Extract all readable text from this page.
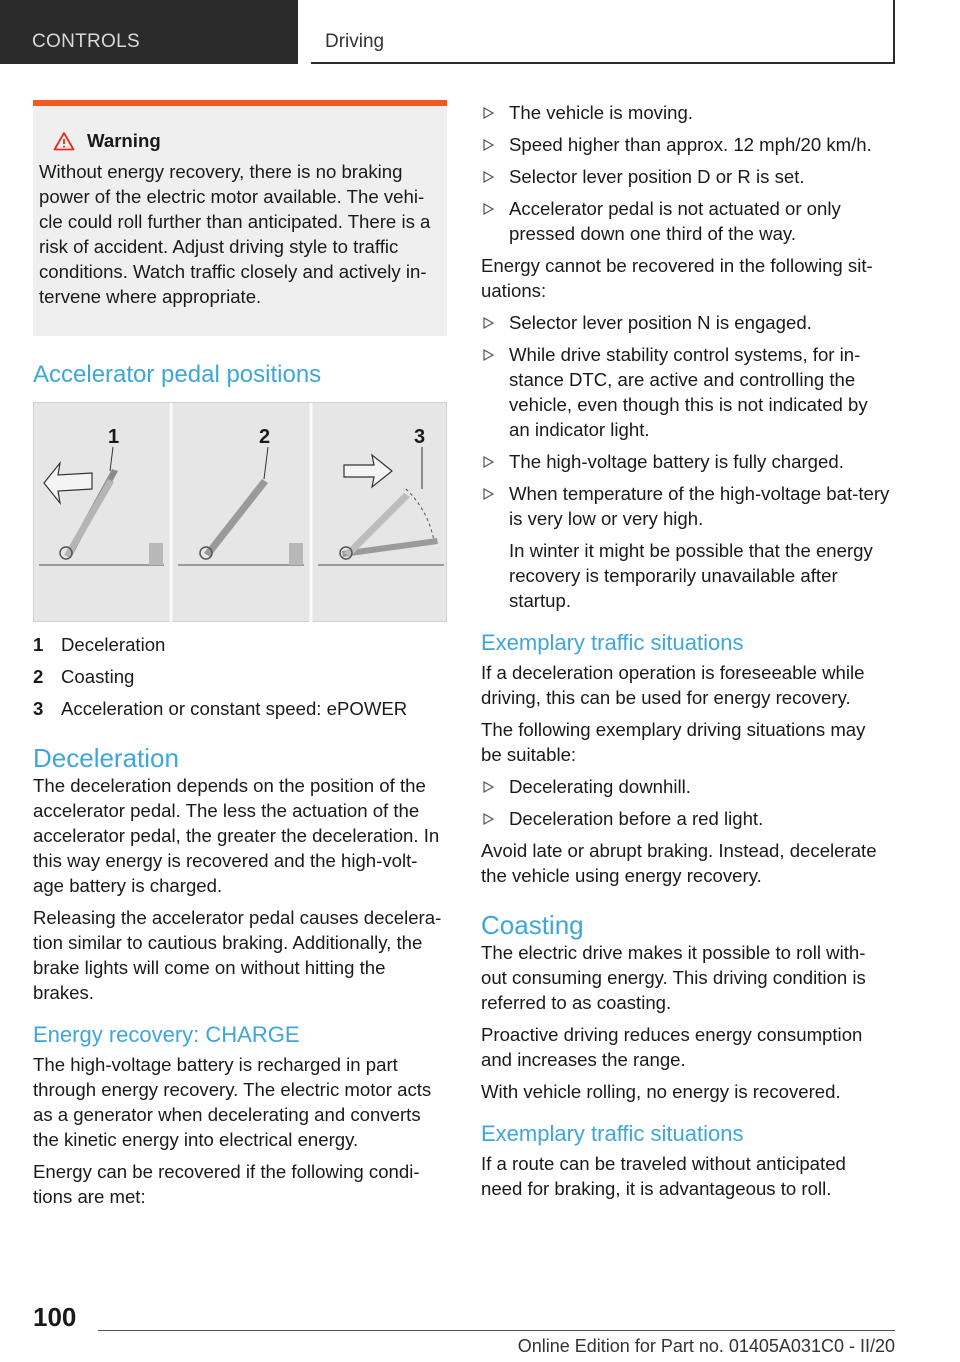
CONTROLS	Driving
Warning

Without energy recovery, there is no braking power of the electric motor available. The vehi-cle could roll further than anticipated. There is a risk of accident. Adjust driving style to traffic conditions. Watch traffic closely and actively in-tervene where appropriate.

Accelerator pedal positions
1	2	3
1 Deceleration
2 Coasting
3 Acceleration or constant speed: ePOWER
Deceleration

The deceleration depends on the position of the accelerator pedal. The less the actuation of the accelerator pedal, the greater the deceleration. In this way energy is recovered and the high-volt-age battery is charged.

Releasing the accelerator pedal causes decelera-tion similar to cautious braking. Additionally, the brake lights will come on without hitting the brakes.

Energy recovery: CHARGE

The high-voltage battery is recharged in part through energy recovery. The electric motor acts as a generator when decelerating and converts the kinetic energy into electrical energy.

Energy can be recovered if the following condi-tions are met:

The vehicle is moving.
Speed higher than approx. 12 mph/20 km/h.
Selector lever position D or R is set.
Accelerator pedal is not actuated or only pressed down one third of the way.

Energy cannot be recovered in the following sit-uations:

Selector lever position N is engaged.
While drive stability control systems, for in-stance DTC, are active and controlling the vehicle, even though this is not indicated by an indicator light.
The high-voltage battery is fully charged.
When temperature of the high-voltage bat-tery is very low or very high.

In winter it might be possible that the energy recovery is temporarily unavailable after startup.

Exemplary traffic situations

If a deceleration operation is foreseeable while driving, this can be used for energy recovery.

The following exemplary driving situations may be suitable:

Decelerating downhill.
Deceleration before a red light.

Avoid late or abrupt braking. Instead, decelerate the vehicle using energy recovery.

Coasting

The electric drive makes it possible to roll with-out consuming energy. This driving condition is referred to as coasting.

Proactive driving reduces energy consumption and increases the range.

With vehicle rolling, no energy is recovered.

Exemplary traffic situations

If a route can be traveled without anticipated need for braking, it is advantageous to roll.

100
Online Edition for Part no. 01405A031C0 - II/20
